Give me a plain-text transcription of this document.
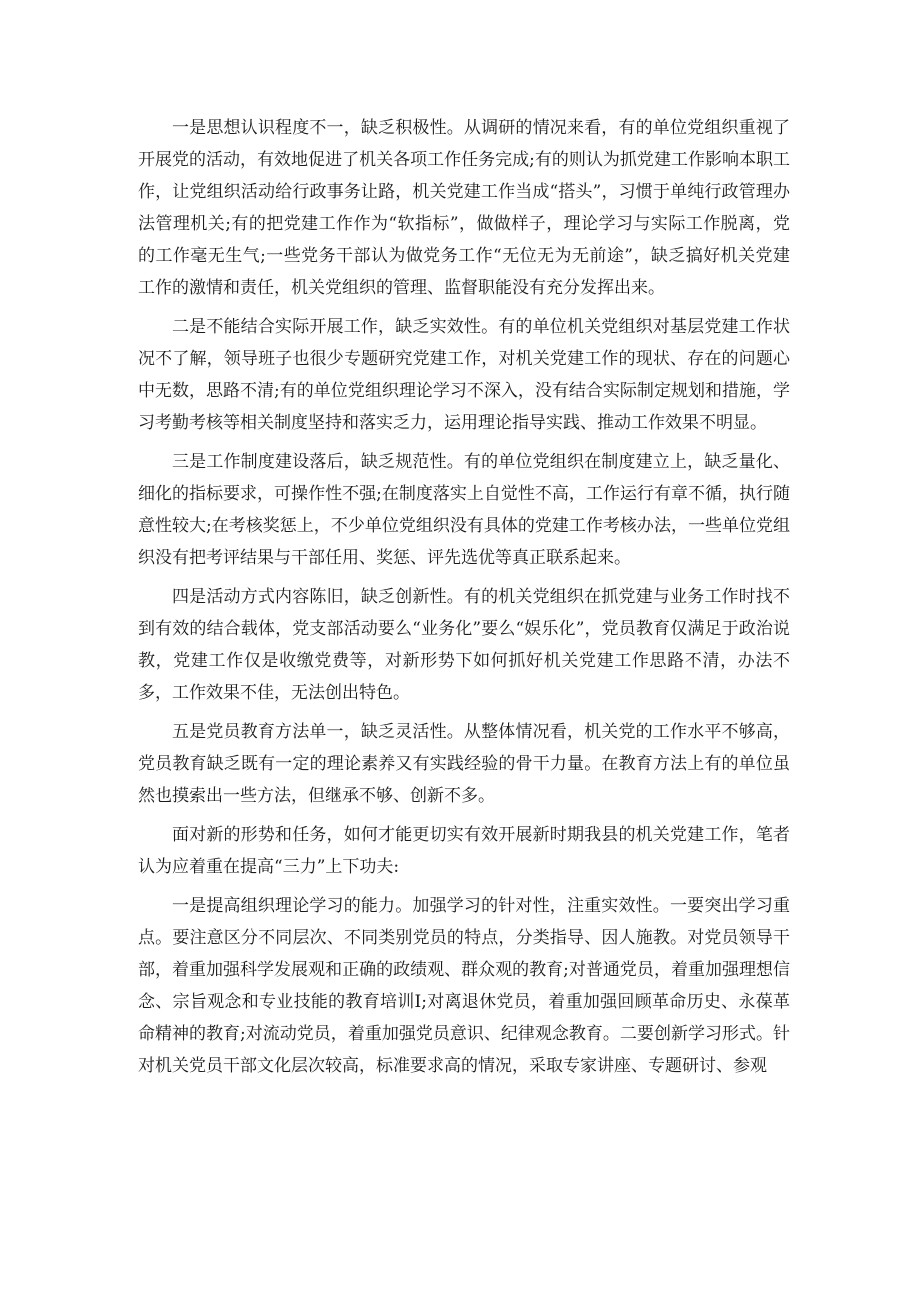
一是思想认识程度不一，缺乏积极性。从调研的情况来看，有的单位党组织重视了开展党的活动，有效地促进了机关各项工作任务完成;有的则认为抓党建工作影响本职工作，让党组织活动给行政事务让路，机关党建工作当成“搭头”，习惯于单纯行政管理办法管理机关;有的把党建工作作为“软指标”，做做样子，理论学习与实际工作脱离，党的工作毫无生气;一些党务干部认为做党务工作“无位无为无前途”，缺乏搞好机关党建工作的激情和责任，机关党组织的管理、监督职能没有充分发挥出来。

二是不能结合实际开展工作，缺乏实效性。有的单位机关党组织对基层党建工作状况不了解，领导班子也很少专题研究党建工作，对机关党建工作的现状、存在的问题心中无数，思路不清;有的单位党组织理论学习不深入，没有结合实际制定规划和措施，学习考勤考核等相关制度坚持和落实乏力，运用理论指导实践、推动工作效果不明显。

三是工作制度建设落后，缺乏规范性。有的单位党组织在制度建立上，缺乏量化、细化的指标要求，可操作性不强;在制度落实上自觉性不高，工作运行有章不循，执行随意性较大;在考核奖惩上，不少单位党组织没有具体的党建工作考核办法，一些单位党组织没有把考评结果与干部任用、奖惩、评先选优等真正联系起来。

四是活动方式内容陈旧，缺乏创新性。有的机关党组织在抓党建与业务工作时找不到有效的结合载体，党支部活动要么“业务化”要么“娱乐化”，党员教育仅满足于政治说教，党建工作仅是收缴党费等，对新形势下如何抓好机关党建工作思路不清，办法不多，工作效果不佳，无法创出特色。

五是党员教育方法单一，缺乏灵活性。从整体情况看，机关党的工作水平不够高，党员教育缺乏既有一定的理论素养又有实践经验的骨干力量。在教育方法上有的单位虽然也摸索出一些方法，但继承不够、创新不多。

面对新的形势和任务，如何才能更切实有效开展新时期我县的机关党建工作，笔者认为应着重在提高“三力”上下功夫:

一是提高组织理论学习的能力。加强学习的针对性，注重实效性。一要突出学习重点。要注意区分不同层次、不同类别党员的特点，分类指导、因人施教。对党员领导干部，着重加强科学发展观和正确的政绩观、群众观的教育;对普通党员，着重加强理想信念、宗旨观念和专业技能的教育培训I;对离退休党员，着重加强回顾革命历史、永葆革命精神的教育;对流动党员，着重加强党员意识、纪律观念教育。二要创新学习形式。针对机关党员干部文化层次较高，标准要求高的情况，采取专家讲座、专题研讨、参观
